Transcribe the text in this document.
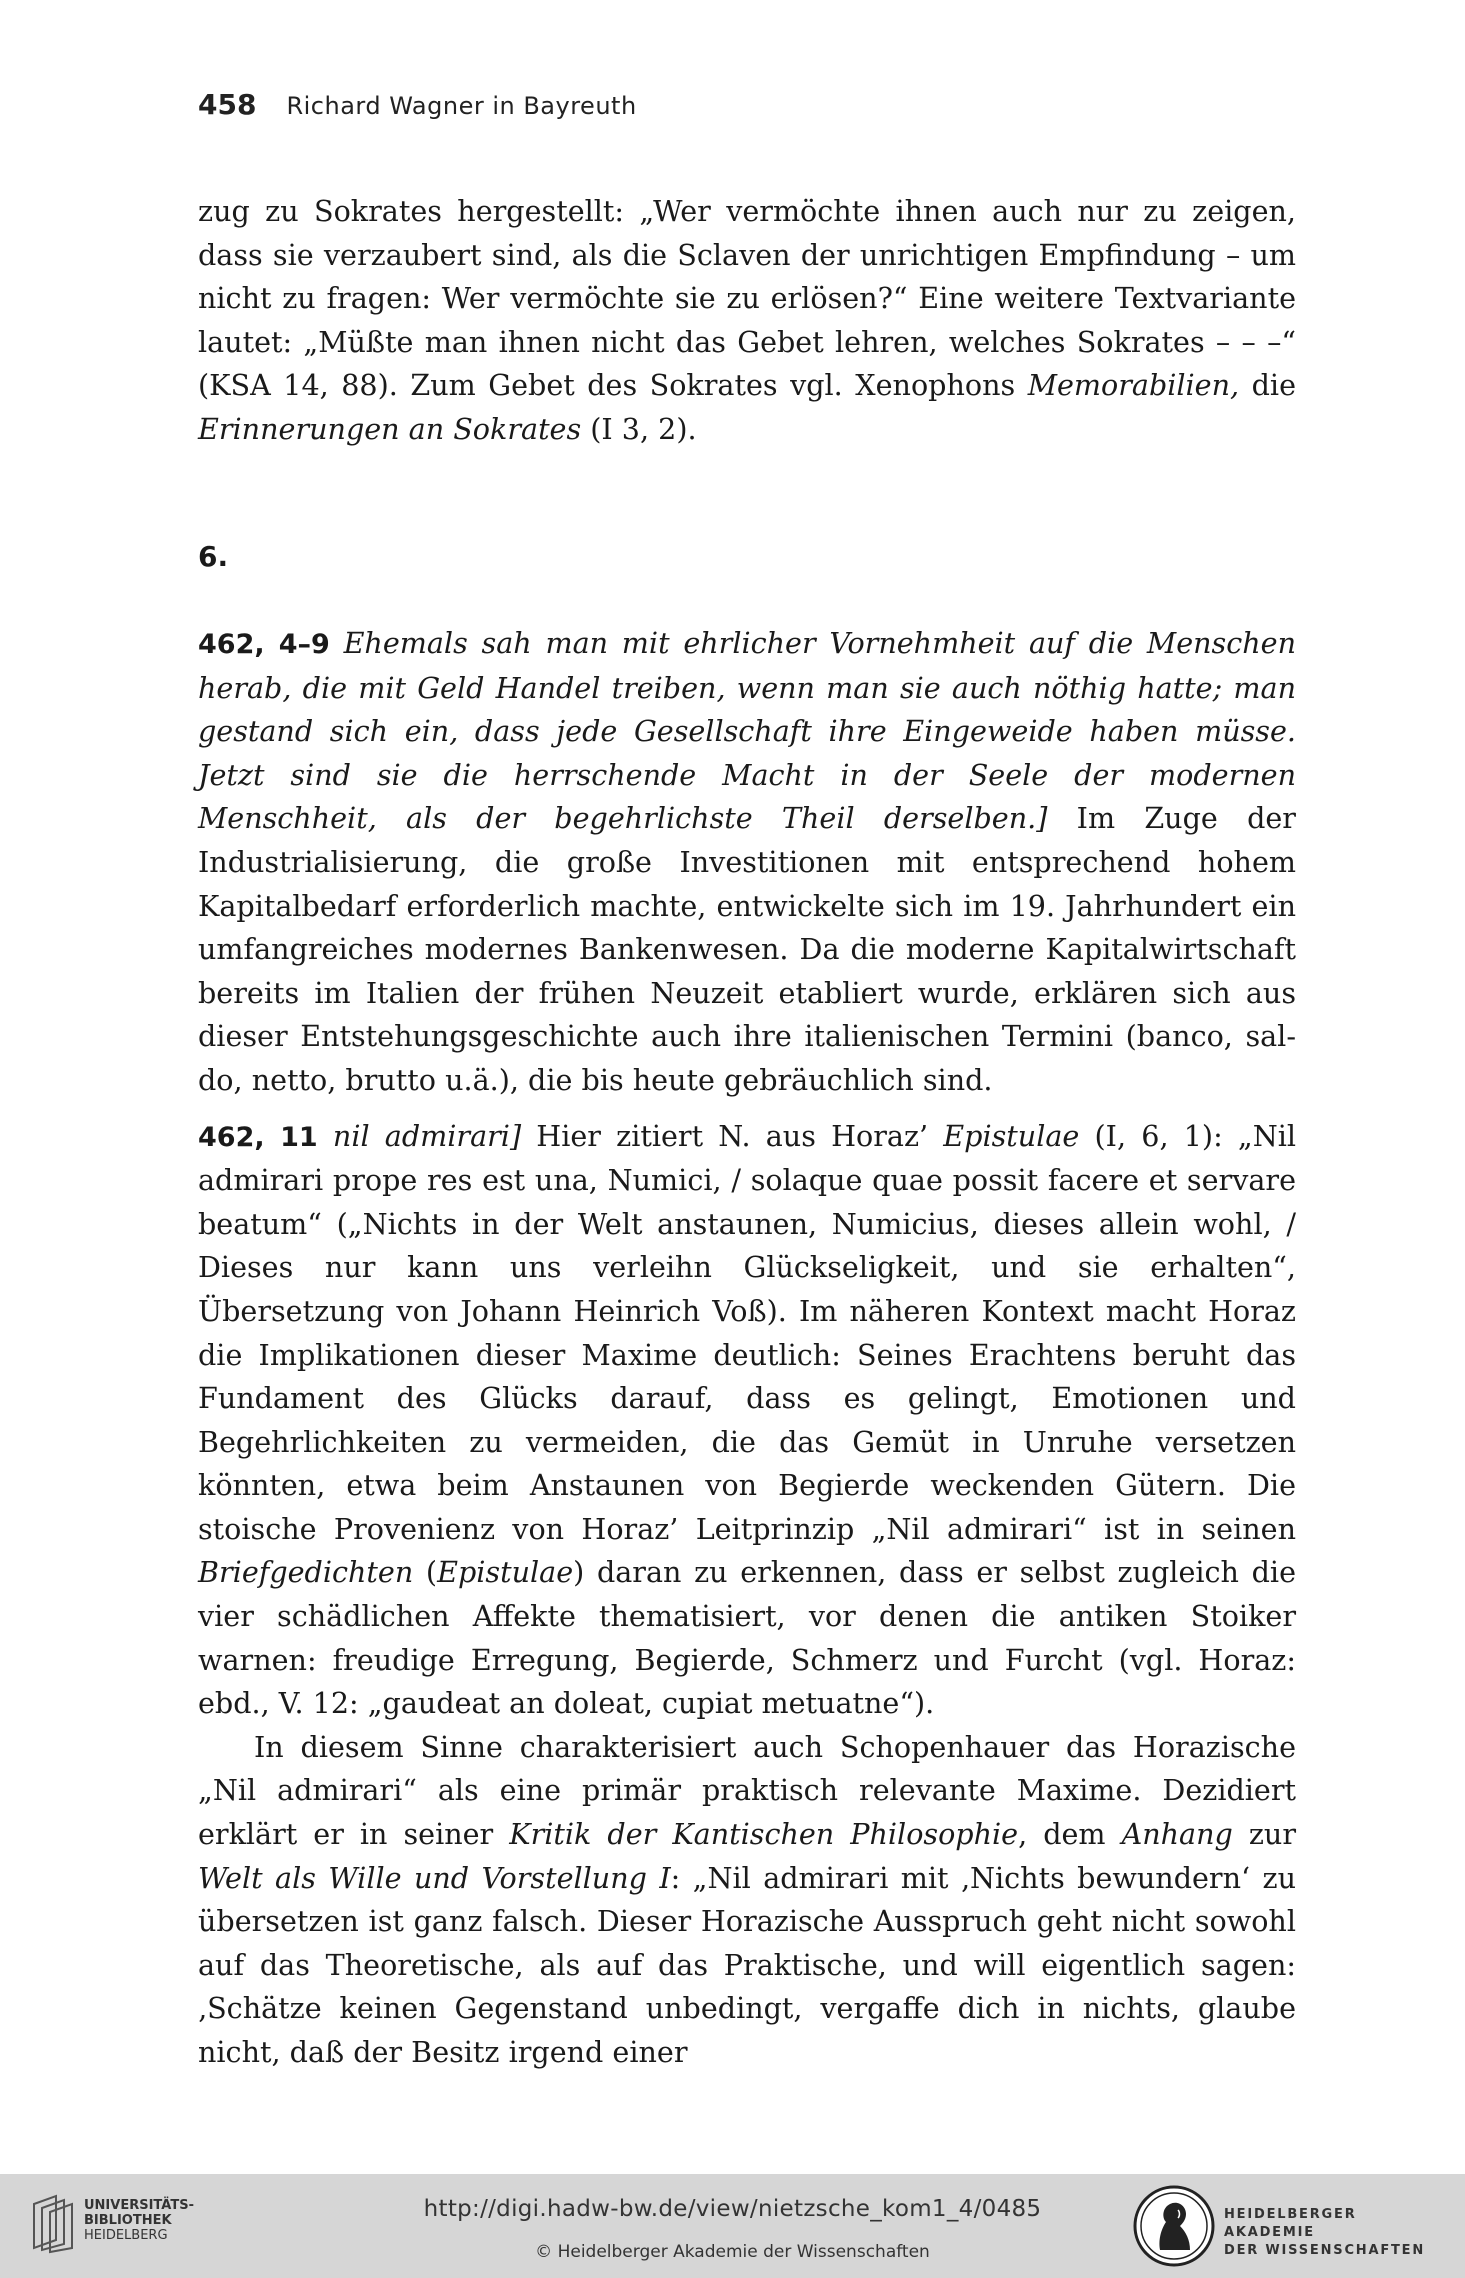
458 Richard Wagner in Bayreuth

zug zu Sokrates hergestellt: „Wer vermöchte ihnen auch nur zu zeigen, dass sie verzaubert sind, als die Sclaven der unrichtigen Empfindung – um nicht zu fragen: Wer vermöchte sie zu erlösen?“ Eine weitere Textvariante lautet: „Müßte man ihnen nicht das Gebet lehren, welches Sokrates – – –“ (KSA 14, 88). Zum Gebet des Sokrates vgl. Xenophons Memorabilien, die Erinnerungen an Sokrates (I 3, 2).

6.

462, 4–9 Ehemals sah man mit ehrlicher Vornehmheit auf die Menschen herab, die mit Geld Handel treiben, wenn man sie auch nöthig hatte; man gestand sich ein, dass jede Gesellschaft ihre Eingeweide haben müsse. Jetzt sind sie die herrschende Macht in der Seele der modernen Menschheit, als der begehrlichste Theil derselben.] Im Zuge der Industrialisierung, die große Investitionen mit entsprechend hohem Kapitalbedarf erforderlich machte, entwickelte sich im 19. Jahrhundert ein umfangreiches modernes Bankenwesen. Da die moderne Kapitalwirtschaft bereits im Italien der frühen Neuzeit etabliert wurde, erklären sich aus dieser Entstehungsgeschichte auch ihre italienischen Termini (banco, saldo, netto, brutto u.ä.), die bis heute gebräuchlich sind.

462, 11 nil admirari] Hier zitiert N. aus Horaz’ Epistulae (I, 6, 1): „Nil admirari prope res est una, Numici, / solaque quae possit facere et servare beatum“ („Nichts in der Welt anstaunen, Numicius, dieses allein wohl, / Dieses nur kann uns verleihn Glückseligkeit, und sie erhalten“, Übersetzung von Johann Heinrich Voß). Im näheren Kontext macht Horaz die Implikationen dieser Maxime deutlich: Seines Erachtens beruht das Fundament des Glücks darauf, dass es gelingt, Emotionen und Begehrlichkeiten zu vermeiden, die das Gemüt in Unruhe versetzen könnten, etwa beim Anstaunen von Begierde weckenden Gütern. Die stoische Provenienz von Horaz’ Leitprinzip „Nil admirari“ ist in seinen Briefgedichten (Epistulae) daran zu erkennen, dass er selbst zugleich die vier schädlichen Affekte thematisiert, vor denen die antiken Stoiker warnen: freudige Erregung, Begierde, Schmerz und Furcht (vgl. Horaz: ebd., V. 12: „gaudeat an doleat, cupiat metuatne“).

In diesem Sinne charakterisiert auch Schopenhauer das Horazische „Nil admirari“ als eine primär praktisch relevante Maxime. Dezidiert erklärt er in seiner Kritik der Kantischen Philosophie, dem Anhang zur Welt als Wille und Vorstellung I: „Nil admirari mit ‚Nichts bewundern‘ zu übersetzen ist ganz falsch. Dieser Horazische Ausspruch geht nicht sowohl auf das Theoretische, als auf das Praktische, und will eigentlich sagen: ‚Schätze keinen Gegenstand unbedingt, vergaffe dich in nichts, glaube nicht, daß der Besitz irgend einer

UNIVERSITÄTS-
BIBLIOTHEK
HEIDELBERG
http://digi.hadw-bw.de/view/nietzsche_kom1_4/0485
© Heidelberger Akademie der Wissenschaften
HEIDELBERGER AKADEMIE
DER WISSENSCHAFTEN
